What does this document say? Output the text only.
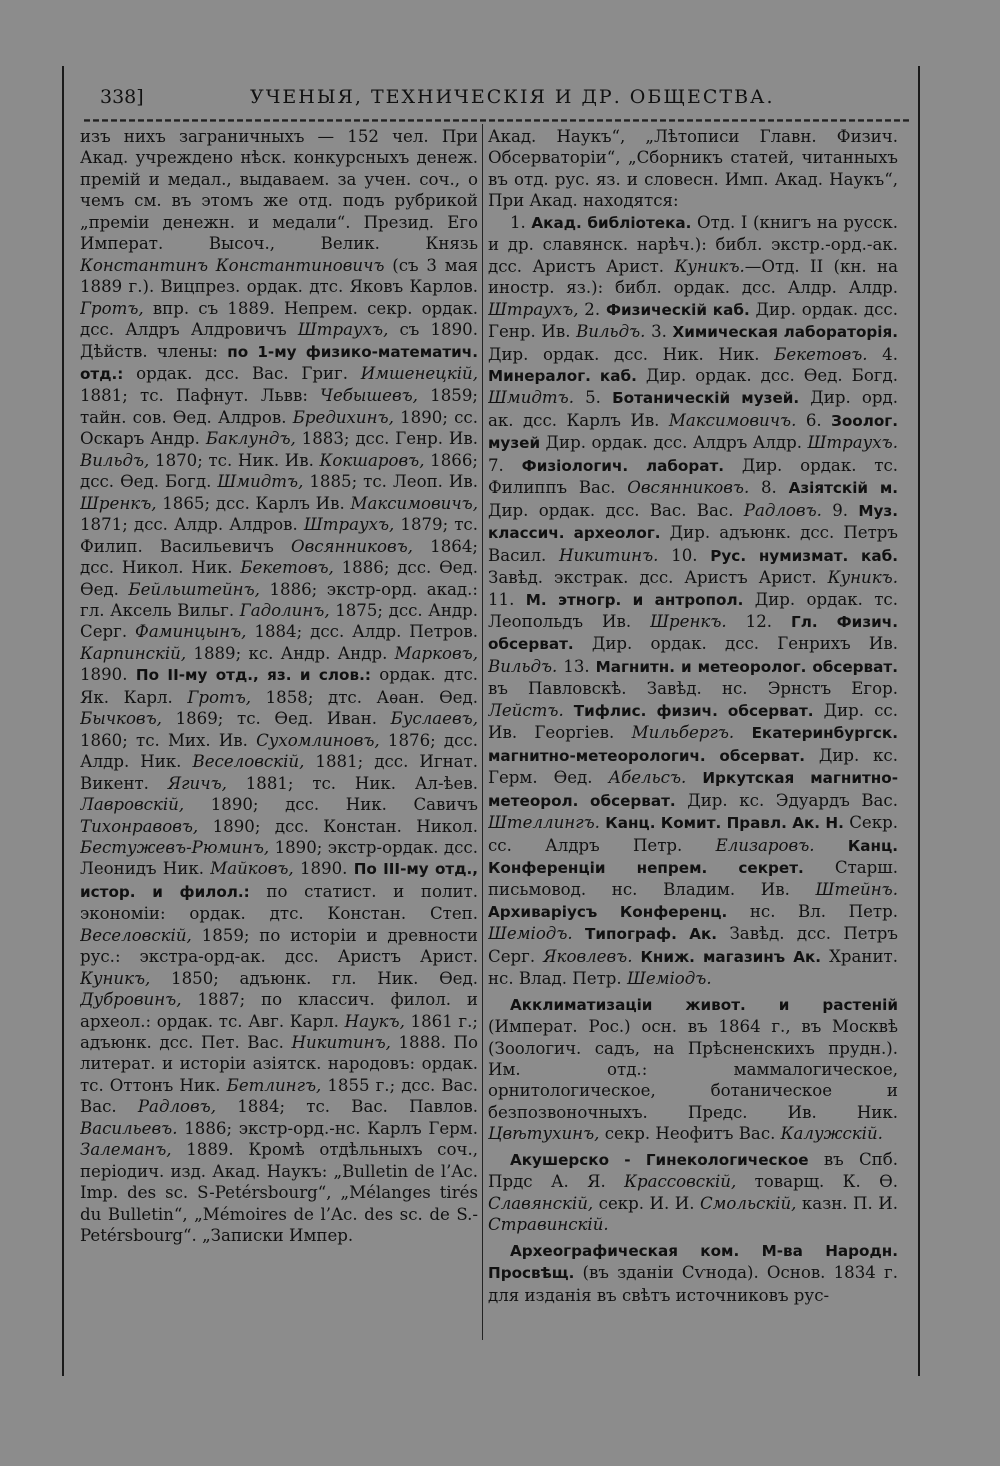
338]	УЧЕНЫЯ, ТЕХНИЧЕСКІЯ И ДР. ОБЩЕСТВА.

изъ нихъ заграничныхъ — 152 чел. При Акад. учреждено нѣск. конкурсныхъ денеж. премій и медал., выдаваем. за учен. соч., о чемъ см. въ этомъ же отд. подъ рубрикой „преміи денежн. и медали“. Презид. Его Императ. Высоч., Велик. Князь Константинъ Константиновичъ (съ 3 мая 1889 г.). Вицпрез. ордак. дтс. Яковъ Карлов. Гротъ, впр. съ 1889. Непрем. секр. ордак. дсс. Алдръ Алдровичъ Штраухъ, съ 1890. Дѣйств. члены: по 1-му физико-математич. отд.: ордак. дсс. Вас. Григ. Имшенецкій, 1881; тс. Пафнут. Львв: Чебышевъ, 1859; тайн. сов. Ѳед. Алдров. Бредихинъ, 1890; сс. Оскаръ Андр. Баклундъ, 1883; дсс. Генр. Ив. Вильдъ, 1870; тс. Ник. Ив. Кокшаровъ, 1866; дсс. Ѳед. Богд. Шмидтъ, 1885; тс. Леоп. Ив. Шренкъ, 1865; дсс. Карлъ Ив. Максимовичъ, 1871; дсс. Алдр. Алдров. Штраухъ, 1879; тс. Филип. Васильевичъ Овсянниковъ, 1864; дсс. Никол. Ник. Бекетовъ, 1886; дсс. Ѳед. Ѳед. Бейльштейнъ, 1886; экстр-орд. акад.: гл. Аксель Вильг. Гадолинъ, 1875; дсс. Андр. Серг. Фаминцынъ, 1884; дсс. Алдр. Петров. Карпинскій, 1889; кс. Андр. Андр. Марковъ, 1890. По II-му отд., яз. и слов.: ордак. дтс. Як. Карл. Гротъ, 1858; дтс. Аѳан. Ѳед. Бычковъ, 1869; тс. Ѳед. Иван. Буслаевъ, 1860; тс. Мих. Ив. Сухомлиновъ, 1876; дсс. Алдр. Ник. Веселовскій, 1881; дсс. Игнат. Викент. Ягичъ, 1881; тс. Ник. Ал-ѣев. Лавровскій, 1890; дсс. Ник. Савичъ Тихонравовъ, 1890; дсс. Констан. Никол. Бестужевъ-Рюминъ, 1890; экстр-ордак. дсс. Леонидъ Ник. Майковъ, 1890. По III-му отд., истор. и филол.: по статист. и полит. экономіи: ордак. дтс. Констан. Степ. Веселовскій, 1859; по исторіи и древности рус.: экстра-орд-ак. дсс. Аристъ Арист. Куникъ, 1850; адъюнк. гл. Ник. Ѳед. Дубровинъ, 1887; по классич. филол. и археол.: ордак. тс. Авг. Карл. Наукъ, 1861 г.; адъюнк. дсс. Пет. Вас. Никитинъ, 1888. По литерат. и исторіи азіятск. народовъ: ордак. тс. Оттонъ Ник. Бетлингъ, 1855 г.; дсс. Вас. Вас. Радловъ, 1884; тс. Вас. Павлов. Васильевъ. 1886; экстр-орд.-нс. Карлъ Герм. Залеманъ, 1889. Кромѣ отдѣльныхъ соч., періодич. изд. Акад. Наукъ: „Bulletin de l’Ac. Imp. des sc. S-Petérsbourg“, „Mélanges tirés du Bulletin“, „Mémoires de l’Ac. des sc. de S.-Petérsbourg“. „Записки Импер.

Акад. Наукъ“, „Лѣтописи Главн. Физич. Обсерваторіи“, „Сборникъ статей, читанныхъ въ отд. рус. яз. и словесн. Имп. Акад. Наукъ“, При Акад. находятся:

1. Акад. библіотека. Отд. I (книгъ на русск. и др. славянск. нарѣч.): библ. экстр.-орд.-ак. дсс. Аристъ Арист. Куникъ.—Отд. II (кн. на иностр. яз.): библ. ордак. дсс. Алдр. Алдр. Штраухъ, 2. Физическій каб. Дир. ордак. дсс. Генр. Ив. Вильдъ. 3. Химическая лабораторія. Дир. ордак. дсс. Ник. Ник. Бекетовъ. 4. Минералог. каб. Дир. ордак. дсс. Ѳед. Богд. Шмидтъ. 5. Ботаническій музей. Дир. орд. ак. дсс. Карлъ Ив. Максимовичъ. 6. Зоолог. музей Дир. ордак. дсс. Алдръ Алдр. Штраухъ. 7. Физіологич. лаборат. Дир. ордак. тс. Филиппъ Вас. Овсянниковъ. 8. Азіятскій м. Дир. ордак. дсс. Вас. Вас. Радловъ. 9. Муз. классич. археолог. Дир. адъюнк. дсс. Петръ Васил. Никитинъ. 10. Рус. нумизмат. каб. Завѣд. экстрак. дсс. Аристъ Арист. Куникъ. 11. М. этногр. и антропол. Дир. ордак. тс. Леопольдъ Ив. Шренкъ. 12. Гл. Физич. обсерват. Дир. ордак. дсс. Генрихъ Ив. Вильдъ. 13. Магнитн. и метеоролог. обсерват. въ Павловскѣ. Завѣд. нс. Эрнстъ Егор. Лейстъ. Тифлис. физич. обсерват. Дир. сс. Ив. Георгіев. Мильбергъ. Екатеринбургск. магнитно-метеорологич. обсерват. Дир. кс. Герм. Ѳед. Абельсъ. Иркутская магнитно-метеорол. обсерват. Дир. кс. Эдуардъ Вас. Штеллингъ. Канц. Комит. Правл. Ак. Н. Секр. сс. Алдръ Петр. Елизаровъ. Канц. Конференціи непрем. секрет. Старш. письмовод. нс. Владим. Ив. Штейнъ. Архиваріусъ Конференц. нс. Вл. Петр. Шеміодъ. Типограф. Ак. Завѣд. дсс. Петръ Серг. Яковлевъ. Книж. магазинъ Ак. Хранит. нс. Влад. Петр. Шеміодъ.

Акклиматизаціи живот. и растеній (Императ. Рос.) осн. въ 1864 г., въ Москвѣ (Зоологич. садъ, на Прѣсненскихъ прудн.). Им. отд.: маммалогическое, орнитологическое, ботаническое и безпозвоночныхъ. Предс. Ив. Ник. Цвѣтухинъ, секр. Неофитъ Вас. Калужскій.

Акушерско - Гинекологическое въ Спб. Прдс А. Я. Крассовскій, товарщ. К. Ѳ. Славянскій, секр. И. И. Смольскій, казн. П. И. Стравинскій.

Археографическая ком. М-ва Народн. Просвѣщ. (въ зданіи Сѵнода). Основ. 1834 г. для изданія въ свѣтъ источниковъ рус-
